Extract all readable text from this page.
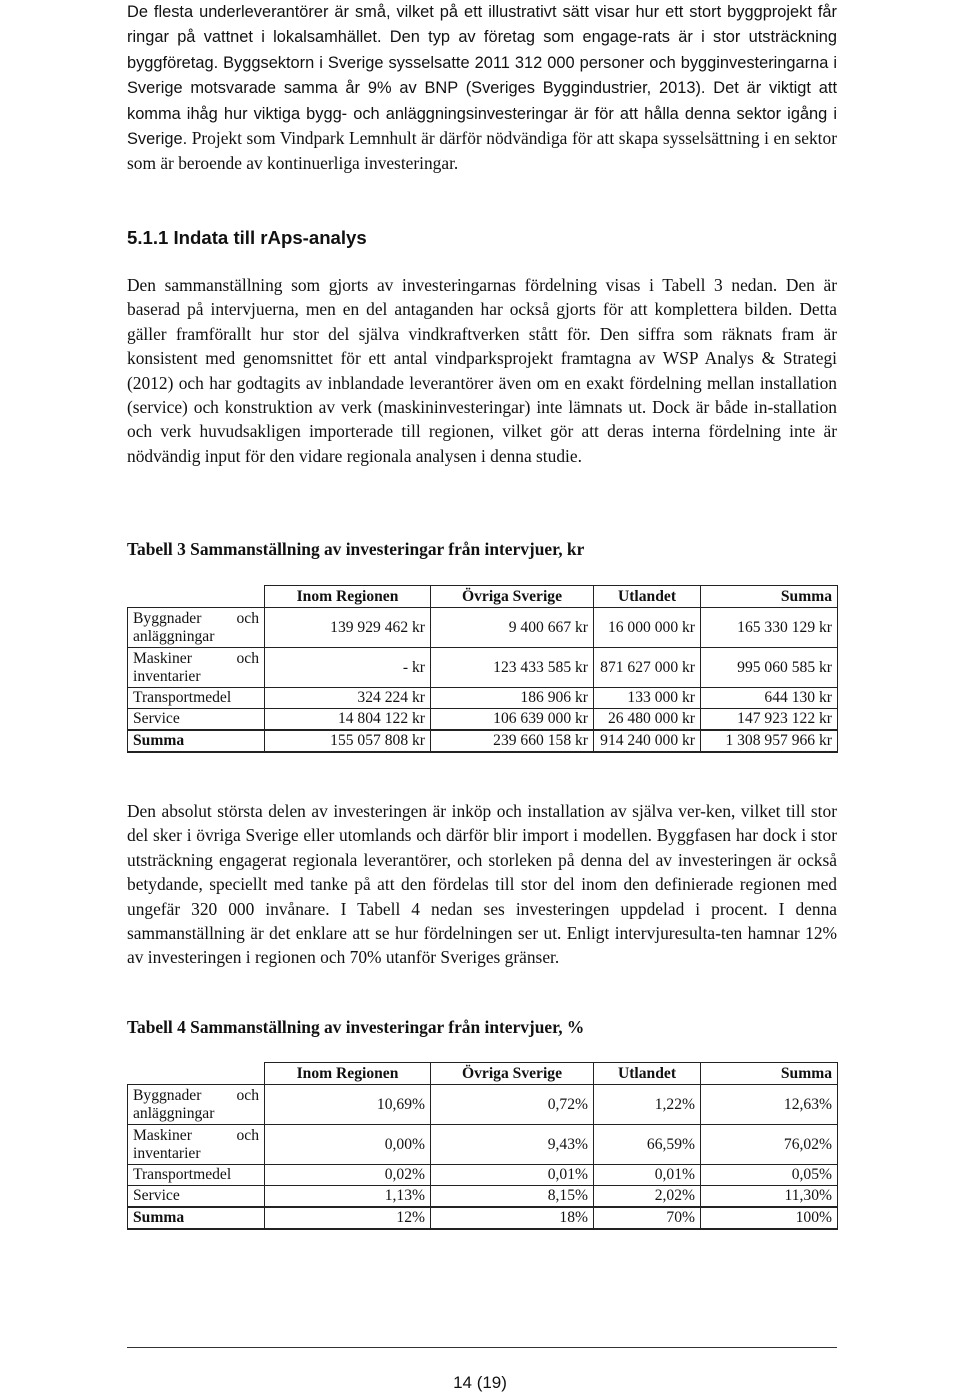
De flesta underleverantörer är små, vilket på ett illustrativt sätt visar hur ett stort byggprojekt får ringar på vattnet i lokalsamhället. Den typ av företag som engage-rats är i stor utsträckning byggföretag. Byggsektorn i Sverige sysselsatte 2011 312 000 personer och bygginvesteringarna i Sverige motsvarade samma år 9% av BNP (Sveriges Byggindustrier, 2013). Det är viktigt att komma ihåg hur viktiga bygg- och anläggningsinvesteringar är för att hålla denna sektor igång i Sverige. Projekt som Vindpark Lemnhult är därför nödvändiga för att skapa sysselsättning i en sektor som är beroende av kontinuerliga investeringar.

5.1.1 Indata till rAps-analys

Den sammanställning som gjorts av investeringarnas fördelning visas i Tabell 3 nedan. Den är baserad på intervjuerna, men en del antaganden har också gjorts för att komplettera bilden. Detta gäller framförallt hur stor del själva vindkraftverken stått för. Den siffra som räknats fram är konsistent med genomsnittet för ett antal vindparksprojekt framtagna av WSP Analys & Strategi (2012) och har godtagits av inblandade leverantörer även om en exakt fördelning mellan installation (service) och konstruktion av verk (maskininvesteringar) inte lämnats ut. Dock är både in-stallation och verk huvudsakligen importerade till regionen, vilket gör att deras interna fördelning inte är nödvändig input för den vidare regionala analysen i denna studie.

Tabell 3 Sammanställning av investeringar från intervjuer, kr

	Inom Regionen	Övriga Sverige	Utlandet	Summa

Byggnader och
anläggningar	139 929 462 kr	9 400 667 kr	16 000 000 kr	165 330 129 kr

Maskiner och
inventarier	- kr	123 433 585 kr	871 627 000 kr	995 060 585 kr
Transportmedel	324 224 kr	186 906 kr	133 000 kr	644 130 kr
Service	14 804 122 kr	106 639 000 kr	26 480 000 kr	147 923 122 kr
Summa	155 057 808 kr	239 660 158 kr	914 240 000 kr	1 308 957 966 kr

Den absolut största delen av investeringen är inköp och installation av själva ver-ken, vilket till stor del sker i övriga Sverige eller utomlands och därför blir import i modellen. Byggfasen har dock i stor utsträckning engagerat regionala leverantörer, och storleken på denna del av investeringen är också betydande, speciellt med tanke på att den fördelas till stor del inom den definierade regionen med ungefär 320 000 invånare. I Tabell 4 nedan ses investeringen uppdelad i procent. I denna sammanställning är det enklare att se hur fördelningen ser ut. Enligt intervjuresulta-ten hamnar 12% av investeringen i regionen och 70% utanför Sveriges gränser.

Tabell 4 Sammanställning av investeringar från intervjuer, %

	Inom Regionen	Övriga Sverige	Utlandet	Summa

Byggnader och
anläggningar	10,69%	0,72%	1,22%	12,63%

Maskiner och
inventarier	0,00%	9,43%	66,59%	76,02%
Transportmedel	0,02%	0,01%	0,01%	0,05%
Service	1,13%	8,15%	2,02%	11,30%
Summa	12%	18%	70%	100%
14 (19)
